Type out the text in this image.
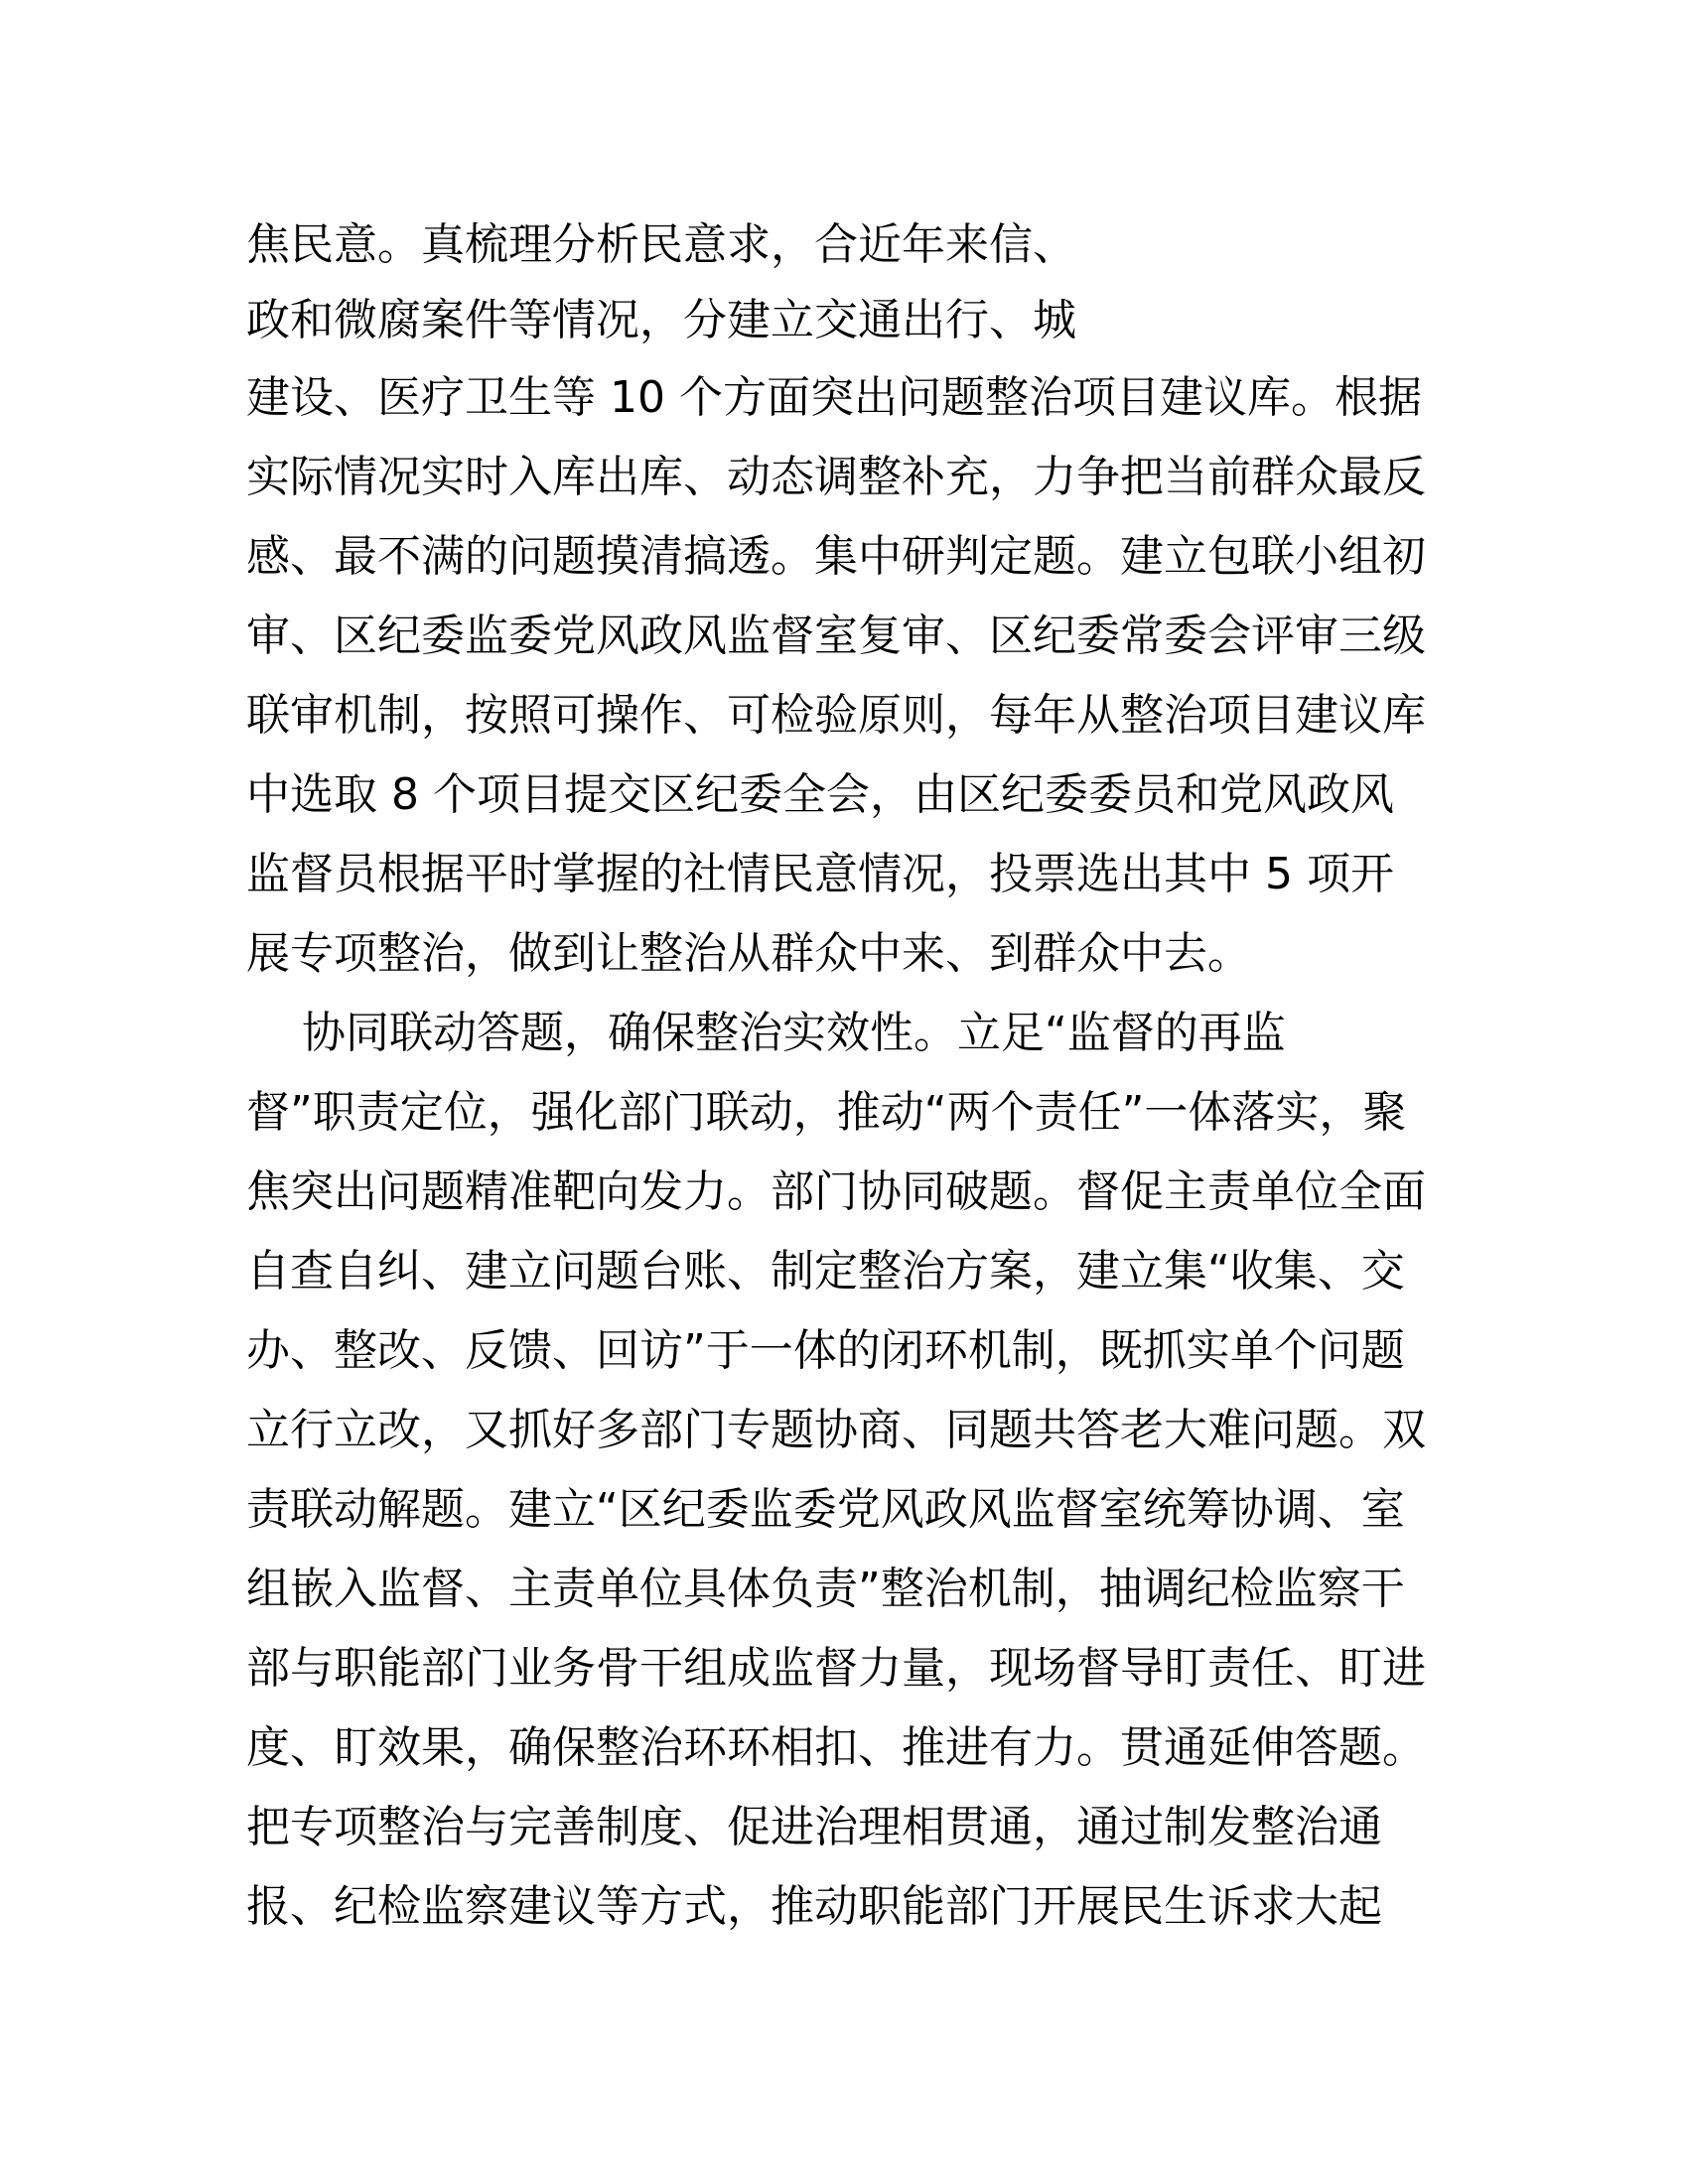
焦民意。真梳理分析民意求，合近年来信、

政和微腐案件等情况，分建立交通出行、城

建设、医疗卫生等 10 个方面突出问题整治项目建议库。根据

实际情况实时入库出库、动态调整补充，力争把当前群众最反

感、最不满的问题摸清搞透。集中研判定题。建立包联小组初

审、区纪委监委党风政风监督室复审、区纪委常委会评审三级

联审机制，按照可操作、可检验原则，每年从整治项目建议库

中选取 8 个项目提交区纪委全会，由区纪委委员和党风政风

监督员根据平时掌握的社情民意情况，投票选出其中 5 项开

展专项整治，做到让整治从群众中来、到群众中去。

协同联动答题，确保整治实效性。立足“监督的再监

督”职责定位，强化部门联动，推动“两个责任”一体落实，聚

焦突出问题精准靶向发力。部门协同破题。督促主责单位全面

自查自纠、建立问题台账、制定整治方案，建立集“收集、交

办、整改、反馈、回访”于一体的闭环机制，既抓实单个问题

立行立改，又抓好多部门专题协商、同题共答老大难问题。双

责联动解题。建立“区纪委监委党风政风监督室统筹协调、室

组嵌入监督、主责单位具体负责”整治机制，抽调纪检监察干

部与职能部门业务骨干组成监督力量，现场督导盯责任、盯进

度、盯效果，确保整治环环相扣、推进有力。贯通延伸答题。

把专项整治与完善制度、促进治理相贯通，通过制发整治通

报、纪检监察建议等方式，推动职能部门开展民生诉求大起
